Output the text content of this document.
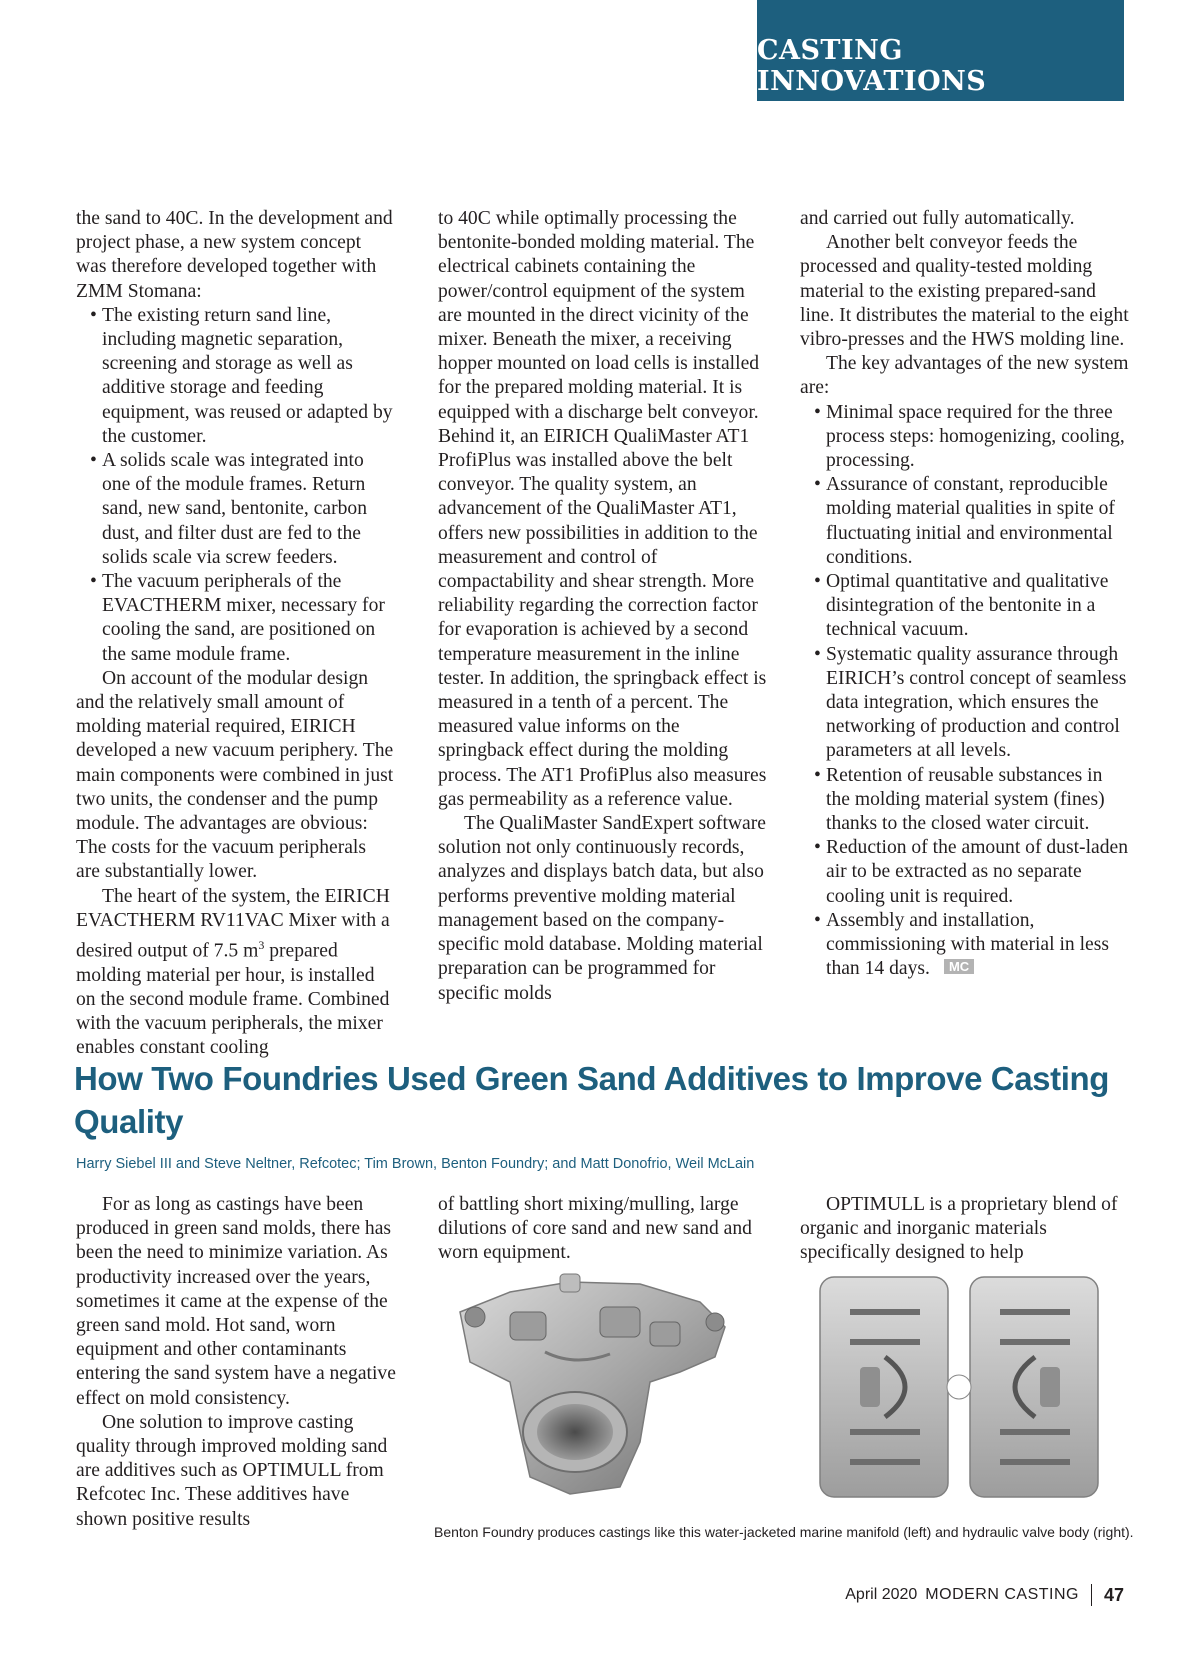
CASTING INNOVATIONS

the sand to 40C. In the development and project phase, a new system concept was therefore developed together with ZMM Stomana:

• The existing return sand line, including magnetic separation, screening and storage as well as additive storage and feeding equipment, was reused or adapted by the customer.
• A solids scale was integrated into one of the module frames. Return sand, new sand, bentonite, carbon dust, and filter dust are fed to the solids scale via screw feeders.
• The vacuum peripherals of the EVACTHERM mixer, necessary for cooling the sand, are positioned on the same module frame.

On account of the modular design and the relatively small amount of molding material required, EIRICH developed a new vacuum periphery. The main components were combined in just two units, the condenser and the pump module. The advantages are obvious: The costs for the vacuum peripherals are substantially lower.

The heart of the system, the EIRICH EVACTHERM RV11VAC Mixer with a desired output of 7.5 $m^3$ prepared molding material per hour, is installed on the second module frame. Combined with the vacuum peripherals, the mixer enables constant cooling

to 40C while optimally processing the bentonite-bonded molding material. The electrical cabinets containing the power/control equipment of the system are mounted in the direct vicinity of the mixer. Beneath the mixer, a receiving hopper mounted on load cells is installed for the prepared molding material. It is equipped with a discharge belt conveyor. Behind it, an EIRICH QualiMaster AT1 ProfiPlus was installed above the belt conveyor. The quality system, an advancement of the QualiMaster AT1, offers new possibilities in addition to the measurement and control of compactability and shear strength. More reliability regarding the correction factor for evaporation is achieved by a second temperature measurement in the inline tester. In addition, the springback effect is measured in a tenth of a percent. The measured value informs on the springback effect during the molding process. The AT1 ProfiPlus also measures gas permeability as a reference value.

The QualiMaster SandExpert software solution not only continuously records, analyzes and displays batch data, but also performs preventive molding material management based on the company-specific mold database. Molding material preparation can be programmed for specific molds

and carried out fully automatically.

Another belt conveyor feeds the processed and quality-tested molding material to the existing prepared-sand line. It distributes the material to the eight vibro-presses and the HWS molding line.

The key advantages of the new system are:

• Minimal space required for the three process steps: homogenizing, cooling, processing.
• Assurance of constant, reproducible molding material qualities in spite of fluctuating initial and environmental conditions.
• Optimal quantitative and qualitative disintegration of the bentonite in a technical vacuum.
• Systematic quality assurance through EIRICH’s control concept of seamless data integration, which ensures the networking of production and control parameters at all levels.
• Retention of reusable substances in the molding material system (fines) thanks to the closed water circuit.
• Reduction of the amount of dust-laden air to be extracted as no separate cooling unit is required.
• Assembly and installation, commissioning with material in less than 14 days. MC
How Two Foundries Used Green Sand Additives to Improve Casting Quality

Harry Siebel III and Steve Neltner, Refcotec; Tim Brown, Benton Foundry; and Matt Donofrio, Weil McLain

For as long as castings have been produced in green sand molds, there has been the need to minimize variation. As productivity increased over the years, sometimes it came at the expense of the green sand mold. Hot sand, worn equipment and other contaminants entering the sand system have a negative effect on mold consistency.

One solution to improve casting quality through improved molding sand are additives such as OPTIMULL from Refcotec Inc. These additives have shown positive results

of battling short mixing/mulling, large dilutions of core sand and new sand and worn equipment.

OPTIMULL is a proprietary blend of organic and inorganic materials specifically designed to help

Benton Foundry produces castings like this water-jacketed marine manifold (left) and hydraulic valve body (right).

April 2020 MODERN CASTING 47
